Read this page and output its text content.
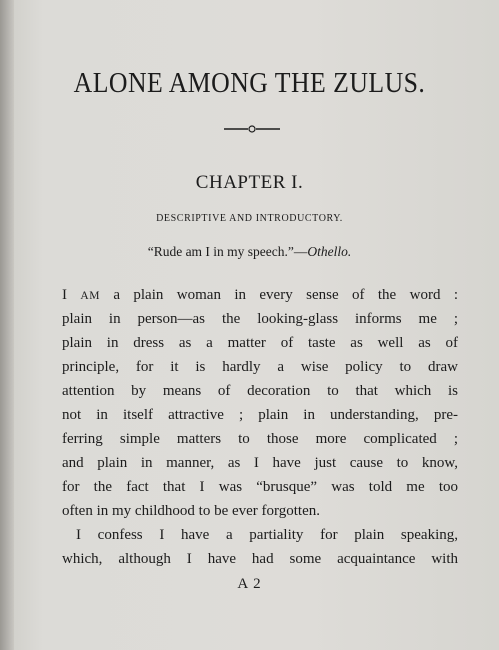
ALONE AMONG THE ZULUS.
CHAPTER I.
DESCRIPTIVE AND INTRODUCTORY.
“Rude am I in my speech.”—Othello.
I AM a plain woman in every sense of the word :
plain in person—as the looking-glass informs me ;
plain in dress as a matter of taste as well as of
principle, for it is hardly a wise policy to draw
attention by means of decoration to that which is
not in itself attractive ; plain in understanding, pre-
ferring simple matters to those more complicated ;
and plain in manner, as I have just cause to know,
for the fact that I was “brusque” was told me too
often in my childhood to be ever forgotten.
I confess I have a partiality for plain speaking,
which, although I have had some acquaintance with
A 2
